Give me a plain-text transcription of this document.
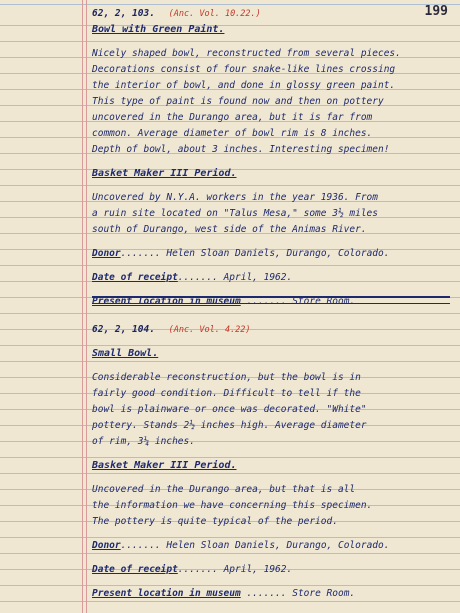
199
62, 2, 103. (Anc. Vol. 10.22.)
Bowl with Green Paint.
Nicely shaped bowl, reconstructed from several pieces.
Decorations consist of four snake-like lines crossing
the interior of bowl, and done in glossy green paint.
This type of paint is found now and then on pottery
uncovered in the Durango area, but it is far from
common. Average diameter of bowl rim is 8 inches.
Depth of bowl, about 3 inches. Interesting specimen!
Basket Maker III Period.
Uncovered by N.Y.A. workers in the year 1936. From
a ruin site located on "Talus Mesa," some 3½ miles
south of Durango, west side of the Animas River.
Donor....... Helen Sloan Daniels, Durango, Colorado.
Date of receipt....... April, 1962.
Present location in museum ....... Store Room.
62, 2, 104. (Anc. Vol. 4.22)
Small Bowl.
Considerable reconstruction, but the bowl is in
fairly good condition. Difficult to tell if the
bowl is plainware or once was decorated. "White"
pottery. Stands 2½ inches high. Average diameter
of rim, 3¼ inches.
Basket Maker III Period.
Uncovered in the Durango area, but that is all
the information we have concerning this specimen.
The pottery is quite typical of the period.
Donor....... Helen Sloan Daniels, Durango, Colorado.
Date of receipt....... April, 1962.
Present location in museum ....... Store Room.
